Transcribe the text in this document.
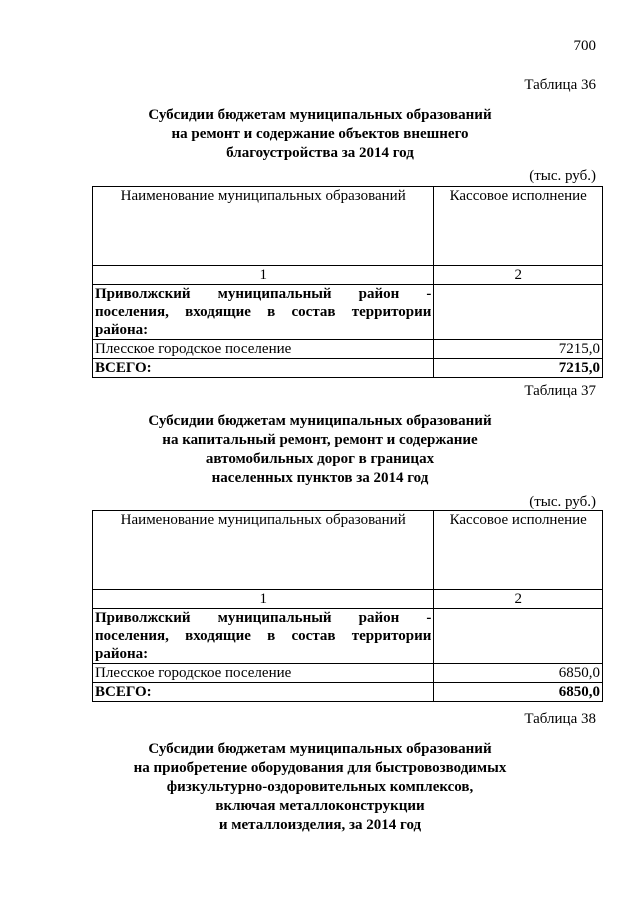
700
Таблица 36
Субсидии бюджетам муниципальных образований
на ремонт и содержание объектов внешнего
благоустройства за 2014 год
(тыс. руб.)
Наименование муниципальных образований	Кассовое исполнение
1	2

Приволжский муниципальный район -
поселения, входящие в состав территории
района:	

Плесское городское поселение	7215,0
ВСЕГО:	7215,0
Таблица 37
Субсидии бюджетам муниципальных образований
на капитальный ремонт, ремонт и содержание
автомобильных дорог в границах
населенных пунктов за 2014 год
(тыс. руб.)
Наименование муниципальных образований	Кассовое исполнение
1	2

Приволжский муниципальный район -
поселения, входящие в состав территории
района:	

Плесское городское поселение	6850,0
ВСЕГО:	6850,0
Таблица 38
Субсидии бюджетам муниципальных образований
на приобретение оборудования для быстровозводимых
физкультурно-оздоровительных комплексов,
включая металлоконструкции
и металлоизделия, за 2014 год
